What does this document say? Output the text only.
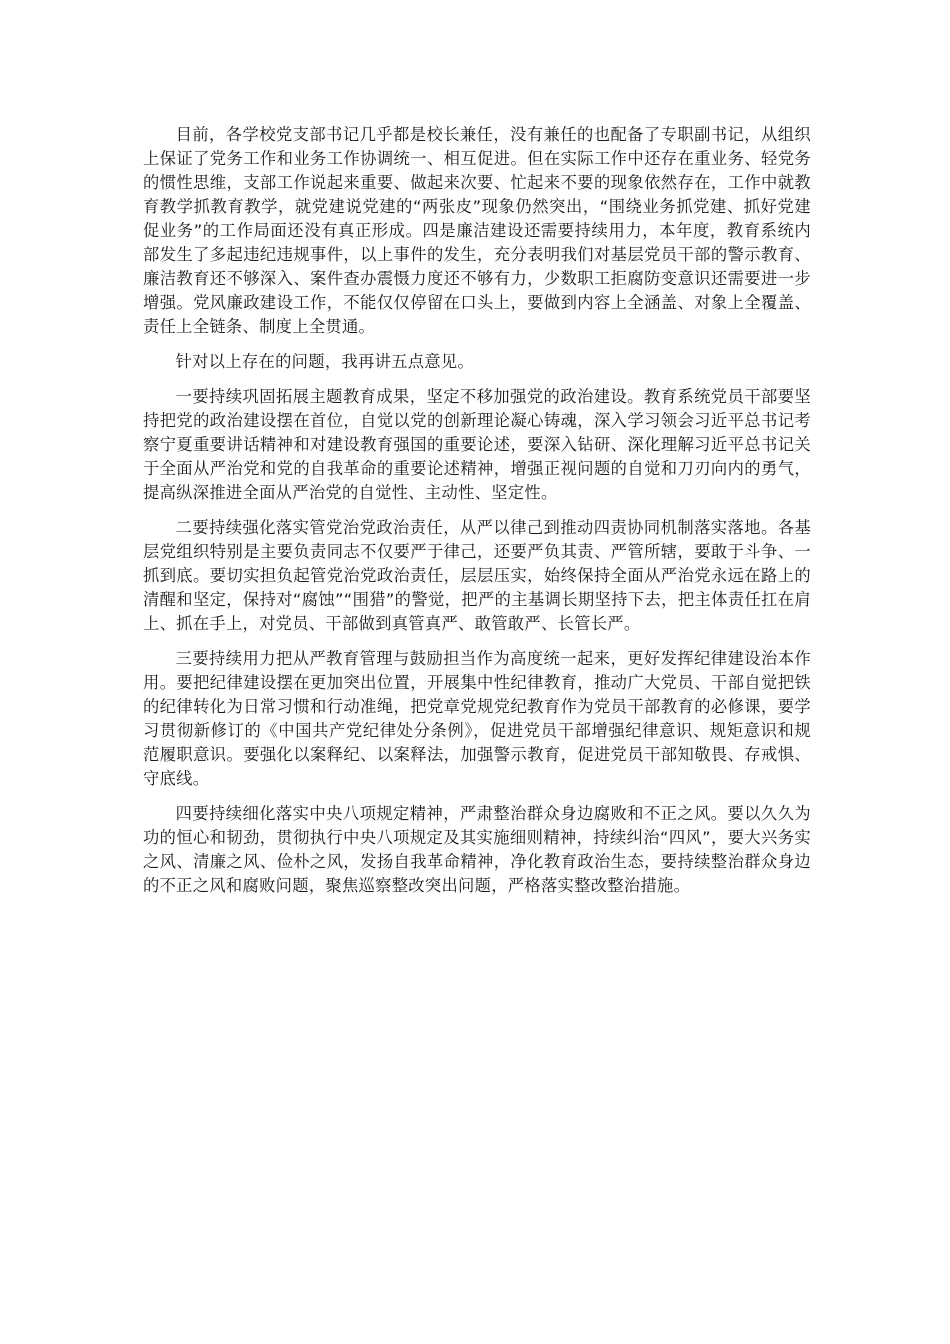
目前，各学校党支部书记几乎都是校长兼任，没有兼任的也配备了专职副书记，从组织上保证了党务工作和业务工作协调统一、相互促进。但在实际工作中还存在重业务、轻党务的惯性思维，支部工作说起来重要、做起来次要、忙起来不要的现象依然存在，工作中就教育教学抓教育教学，就党建说党建的“两张皮”现象仍然突出，“围绕业务抓党建、抓好党建促业务”的工作局面还没有真正形成。四是廉洁建设还需要持续用力，本年度，教育系统内部发生了多起违纪违规事件，以上事件的发生，充分表明我们对基层党员干部的警示教育、廉洁教育还不够深入、案件查办震慑力度还不够有力，少数职工拒腐防变意识还需要进一步增强。党风廉政建设工作，不能仅仅停留在口头上，要做到内容上全涵盖、对象上全覆盖、责任上全链条、制度上全贯通。

针对以上存在的问题，我再讲五点意见。

一要持续巩固拓展主题教育成果，坚定不移加强党的政治建设。教育系统党员干部要坚持把党的政治建设摆在首位，自觉以党的创新理论凝心铸魂，深入学习领会习近平总书记考察宁夏重要讲话精神和对建设教育强国的重要论述，要深入钻研、深化理解习近平总书记关于全面从严治党和党的自我革命的重要论述精神，增强正视问题的自觉和刀刃向内的勇气，提高纵深推进全面从严治党的自觉性、主动性、坚定性。

二要持续强化落实管党治党政治责任，从严以律己到推动四责协同机制落实落地。各基层党组织特别是主要负责同志不仅要严于律己，还要严负其责、严管所辖，要敢于斗争、一抓到底。要切实担负起管党治党政治责任，层层压实，始终保持全面从严治党永远在路上的清醒和坚定，保持对“腐蚀”“围猎”的警觉，把严的主基调长期坚持下去，把主体责任扛在肩上、抓在手上，对党员、干部做到真管真严、敢管敢严、长管长严。

三要持续用力把从严教育管理与鼓励担当作为高度统一起来，更好发挥纪律建设治本作用。要把纪律建设摆在更加突出位置，开展集中性纪律教育，推动广大党员、干部自觉把铁的纪律转化为日常习惯和行动准绳，把党章党规党纪教育作为党员干部教育的必修课，要学习贯彻新修订的《中国共产党纪律处分条例》，促进党员干部增强纪律意识、规矩意识和规范履职意识。要强化以案释纪、以案释法，加强警示教育，促进党员干部知敬畏、存戒惧、守底线。

四要持续细化落实中央八项规定精神，严肃整治群众身边腐败和不正之风。要以久久为功的恒心和韧劲，贯彻执行中央八项规定及其实施细则精神，持续纠治“四风”，要大兴务实之风、清廉之风、俭朴之风，发扬自我革命精神，净化教育政治生态，要持续整治群众身边的不正之风和腐败问题，聚焦巡察整改突出问题，严格落实整改整治措施。
